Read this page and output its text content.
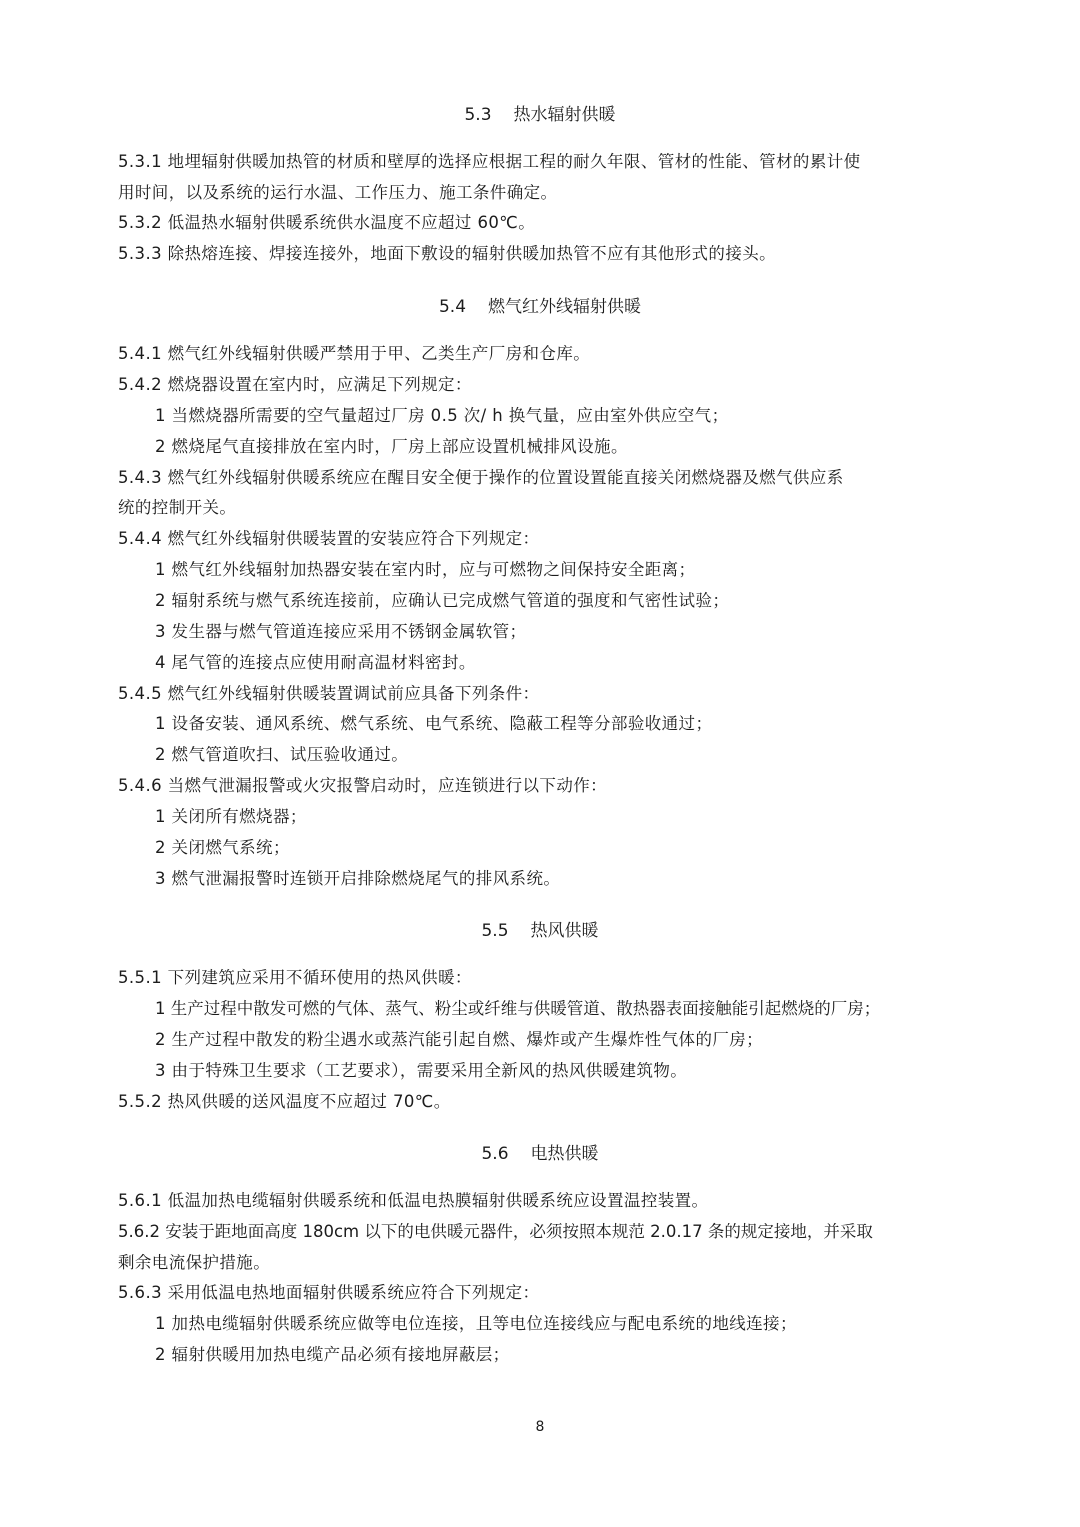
5.3 热水辐射供暖
5.3.1 地埋辐射供暖加热管的材质和壁厚的选择应根据工程的耐久年限、管材的性能、管材的累计使
用时间，以及系统的运行水温、工作压力、施工条件确定。
5.3.2 低温热水辐射供暖系统供水温度不应超过 60℃。
5.3.3 除热熔连接、焊接连接外，地面下敷设的辐射供暖加热管不应有其他形式的接头。
5.4 燃气红外线辐射供暖
5.4.1 燃气红外线辐射供暖严禁用于甲、乙类生产厂房和仓库。
5.4.2 燃烧器设置在室内时，应满足下列规定：
1 当燃烧器所需要的空气量超过厂房 0.5 次/ h 换气量，应由室外供应空气；
2 燃烧尾气直接排放在室内时，厂房上部应设置机械排风设施。
5.4.3 燃气红外线辐射供暖系统应在醒目安全便于操作的位置设置能直接关闭燃烧器及燃气供应系
统的控制开关。
5.4.4 燃气红外线辐射供暖装置的安装应符合下列规定：
1 燃气红外线辐射加热器安装在室内时，应与可燃物之间保持安全距离；
2 辐射系统与燃气系统连接前，应确认已完成燃气管道的强度和气密性试验；
3 发生器与燃气管道连接应采用不锈钢金属软管；
4 尾气管的连接点应使用耐高温材料密封。
5.4.5 燃气红外线辐射供暖装置调试前应具备下列条件：
1 设备安装、通风系统、燃气系统、电气系统、隐蔽工程等分部验收通过；
2 燃气管道吹扫、试压验收通过。
5.4.6 当燃气泄漏报警或火灾报警启动时，应连锁进行以下动作：
1 关闭所有燃烧器；
2 关闭燃气系统；
3 燃气泄漏报警时连锁开启排除燃烧尾气的排风系统。
5.5 热风供暖
5.5.1 下列建筑应采用不循环使用的热风供暖：
1 生产过程中散发可燃的气体、蒸气、粉尘或纤维与供暖管道、散热器表面接触能引起燃烧的厂房；
2 生产过程中散发的粉尘遇水或蒸汽能引起自燃、爆炸或产生爆炸性气体的厂房；
3 由于特殊卫生要求（工艺要求），需要采用全新风的热风供暖建筑物。
5.5.2 热风供暖的送风温度不应超过 70℃。
5.6 电热供暖
5.6.1 低温加热电缆辐射供暖系统和低温电热膜辐射供暖系统应设置温控装置。
5.6.2 安装于距地面高度 180cm 以下的电供暖元器件，必须按照本规范 2.0.17 条的规定接地，并采取
剩余电流保护措施。
5.6.3 采用低温电热地面辐射供暖系统应符合下列规定：
1 加热电缆辐射供暖系统应做等电位连接，且等电位连接线应与配电系统的地线连接；
2 辐射供暖用加热电缆产品必须有接地屏蔽层；
8
